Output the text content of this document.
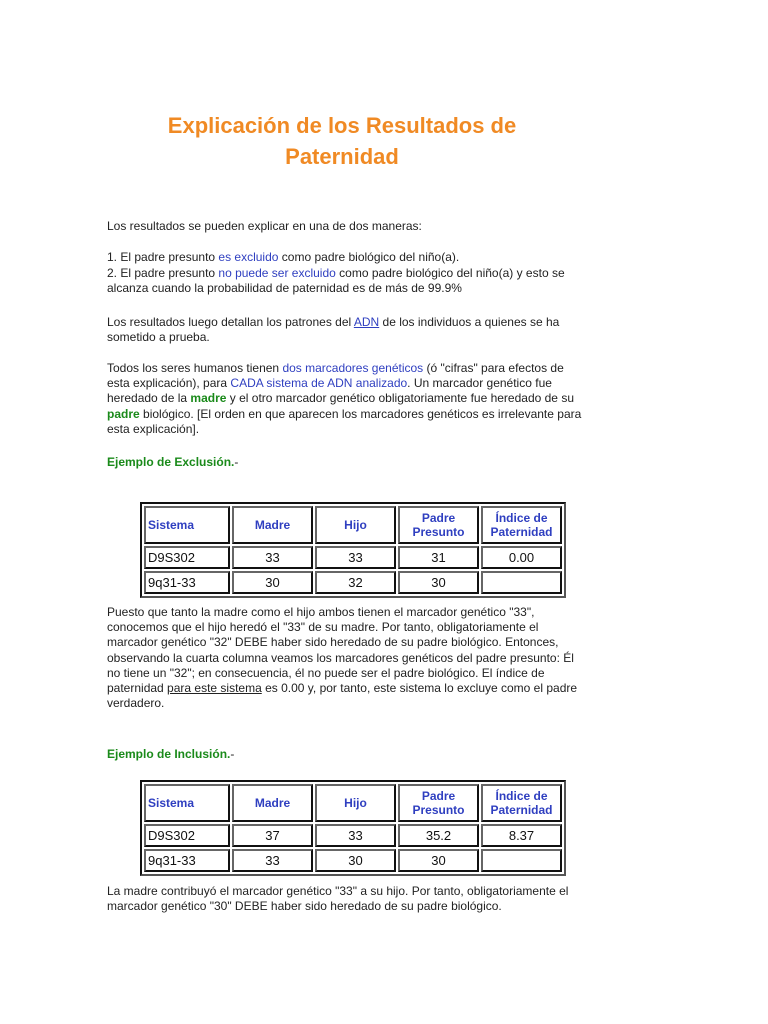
Explicación de los Resultados de Paternidad

Los resultados se pueden explicar en una de dos maneras:

1. El padre presunto es excluido como padre biológico del niño(a).

2. El padre presunto no puede ser excluido como padre biológico del niño(a) y esto se alcanza cuando la probabilidad de paternidad es de más de 99.9%

Los resultados luego detallan los patrones del ADN de los individuos a quienes se ha sometido a prueba.

Todos los seres humanos tienen dos marcadores genéticos (ó "cifras" para efectos de esta explicación), para CADA sistema de ADN analizado. Un marcador genético fue heredado de la madre y el otro marcador genético obligatoriamente fue heredado de su padre biológico. [El orden en que aparecen los marcadores genéticos es irrelevante para esta explicación].

Ejemplo de Exclusión.-

Sistema	Madre	Hijo	Padre Presunto	Índice de Paternidad
D9S302	33	33	31	0.00
9q31-33	30	32	30	

Puesto que tanto la madre como el hijo ambos tienen el marcador genético "33", conocemos que el hijo heredó el "33" de su madre. Por tanto, obligatoriamente el marcador genético "32" DEBE haber sido heredado de su padre biológico. Entonces, observando la cuarta columna veamos los marcadores genéticos del padre presunto: Él no tiene un "32"; en consecuencia, él no puede ser el padre biológico. El índice de paternidad para este sistema es 0.00 y, por tanto, este sistema lo excluye como el padre verdadero.

Ejemplo de Inclusión.-

Sistema	Madre	Hijo	Padre Presunto	Índice de Paternidad
D9S302	37	33	35.2	8.37
9q31-33	33	30	30	

La madre contribuyó el marcador genético "33" a su hijo. Por tanto, obligatoriamente el marcador genético "30" DEBE haber sido heredado de su padre biológico.
